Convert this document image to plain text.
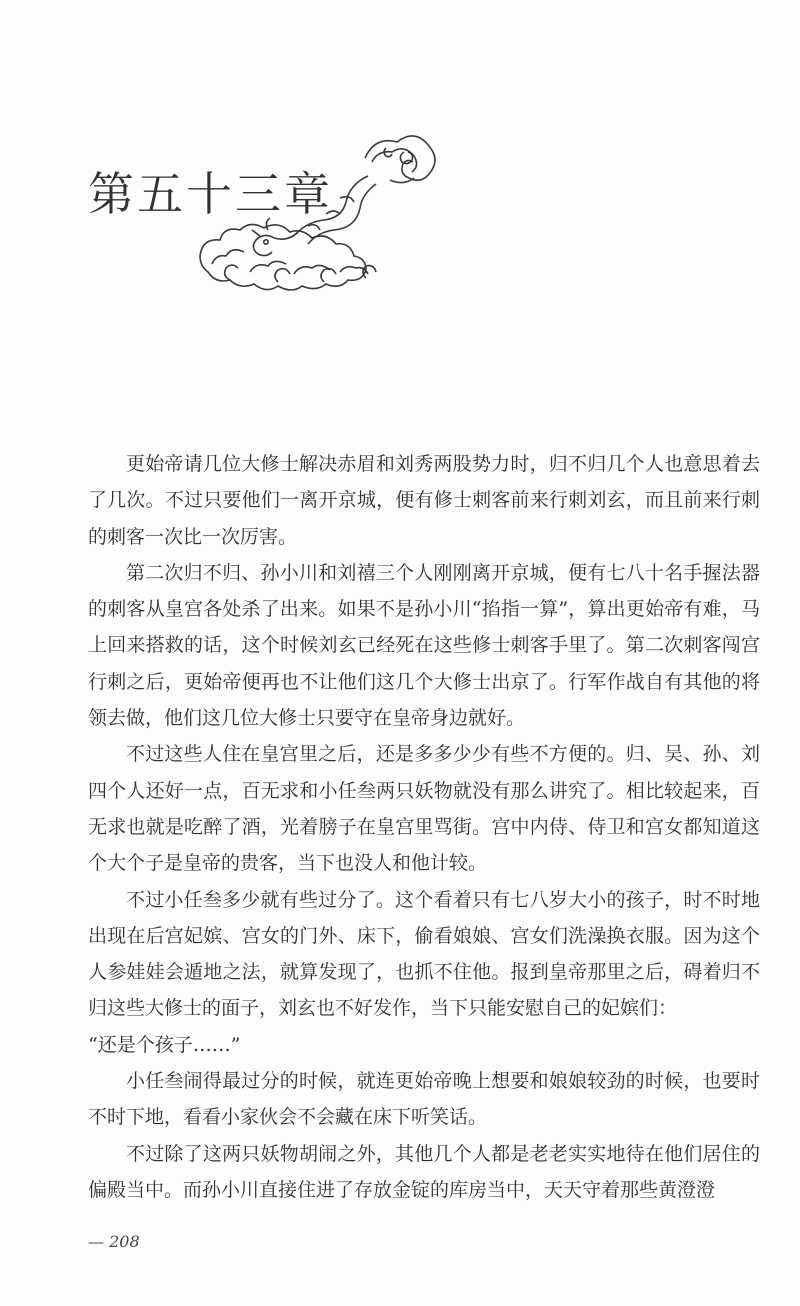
第五十三章

更始帝请几位大修士解决赤眉和刘秀两股势力时，归不归几个人也意思着去了几次。不过只要他们一离开京城，便有修士刺客前来行刺刘玄，而且前来行刺的刺客一次比一次厉害。

第二次归不归、孙小川和刘禧三个人刚刚离开京城，便有七八十名手握法器的刺客从皇宫各处杀了出来。如果不是孙小川“掐指一算”，算出更始帝有难，马上回来搭救的话，这个时候刘玄已经死在这些修士刺客手里了。第二次刺客闯宫行刺之后，更始帝便再也不让他们这几个大修士出京了。行军作战自有其他的将领去做，他们这几位大修士只要守在皇帝身边就好。

不过这些人住在皇宫里之后，还是多多少少有些不方便的。归、吴、孙、刘四个人还好一点，百无求和小任叁两只妖物就没有那么讲究了。相比较起来，百无求也就是吃醉了酒，光着膀子在皇宫里骂街。宫中内侍、侍卫和宫女都知道这个大个子是皇帝的贵客，当下也没人和他计较。

不过小任叁多少就有些过分了。这个看着只有七八岁大小的孩子，时不时地出现在后宫妃嫔、宫女的门外、床下，偷看娘娘、宫女们洗澡换衣服。因为这个人参娃娃会遁地之法，就算发现了，也抓不住他。报到皇帝那里之后，碍着归不归这些大修士的面子，刘玄也不好发作，当下只能安慰自己的妃嫔们：

“还是个孩子……”

小任叁闹得最过分的时候，就连更始帝晚上想要和娘娘较劲的时候，也要时不时下地，看看小家伙会不会藏在床下听笑话。

不过除了这两只妖物胡闹之外，其他几个人都是老老实实地待在他们居住的偏殿当中。而孙小川直接住进了存放金锭的库房当中，天天守着那些黄澄澄

— 208
